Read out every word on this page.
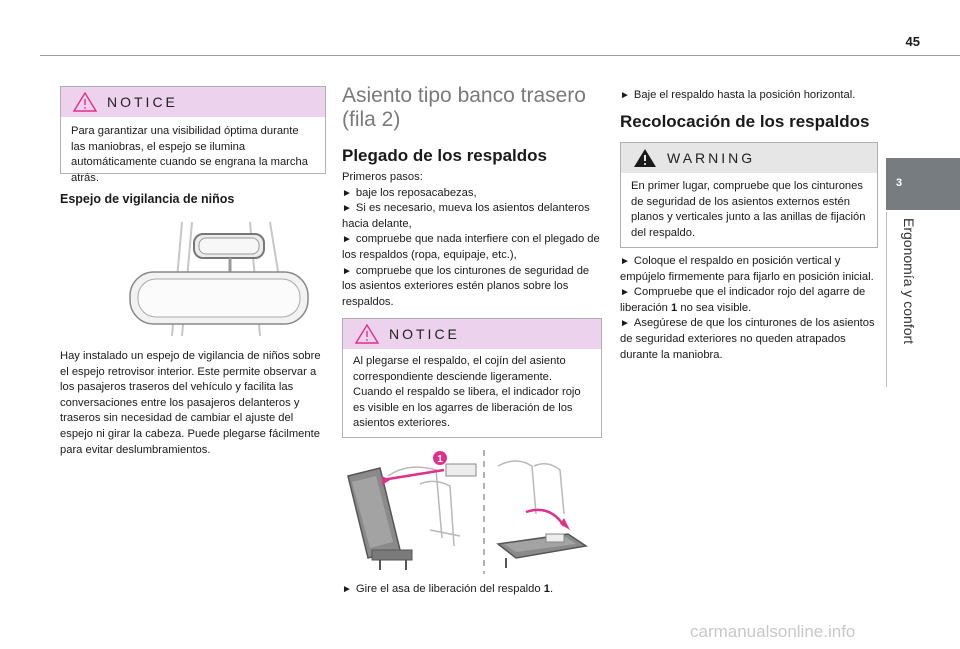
45
3
Ergonomía y confort
NOTICE
Para garantizar una visibilidad óptima durante las maniobras, el espejo se ilumina automáticamente cuando se engrana la marcha atrás.
Espejo de vigilancia de niños

Hay instalado un espejo de vigilancia de niños sobre el espejo retrovisor interior. Este permite observar a los pasajeros traseros del vehículo y facilita las conversaciones entre los pasajeros delanteros y traseros sin necesidad de cambiar el ajuste del espejo ni girar la cabeza. Puede plegarse fácilmente para evitar deslumbramientos.

Asiento tipo banco trasero
(fila 2)
Plegado de los respaldos

Primeros pasos:

► baje los reposacabezas,

► Si es necesario, mueva los asientos delanteros hacia delante,

► compruebe que nada interfiere con el plegado de los respaldos (ropa, equipaje, etc.),

► compruebe que los cinturones de seguridad de los asientos exteriores estén planos sobre los respaldos.

NOTICE
Al plegarse el respaldo, el cojín del asiento correspondiente desciende ligeramente.
Cuando el respaldo se libera, el indicador rojo es visible en los agarres de liberación de los asientos exteriores.
1

► Gire el asa de liberación del respaldo 1.

► Baje el respaldo hasta la posición horizontal.

Recolocación de los respaldos
WARNING
En primer lugar, compruebe que los cinturones de seguridad de los asientos externos estén planos y verticales junto a las anillas de fijación del respaldo.

► Coloque el respaldo en posición vertical y empújelo firmemente para fijarlo en posición inicial.

► Compruebe que el indicador rojo del agarre de liberación 1 no sea visible.

► Asegúrese de que los cinturones de los asientos de seguridad exteriores no queden atrapados durante la maniobra.

carmanualsonline.info
